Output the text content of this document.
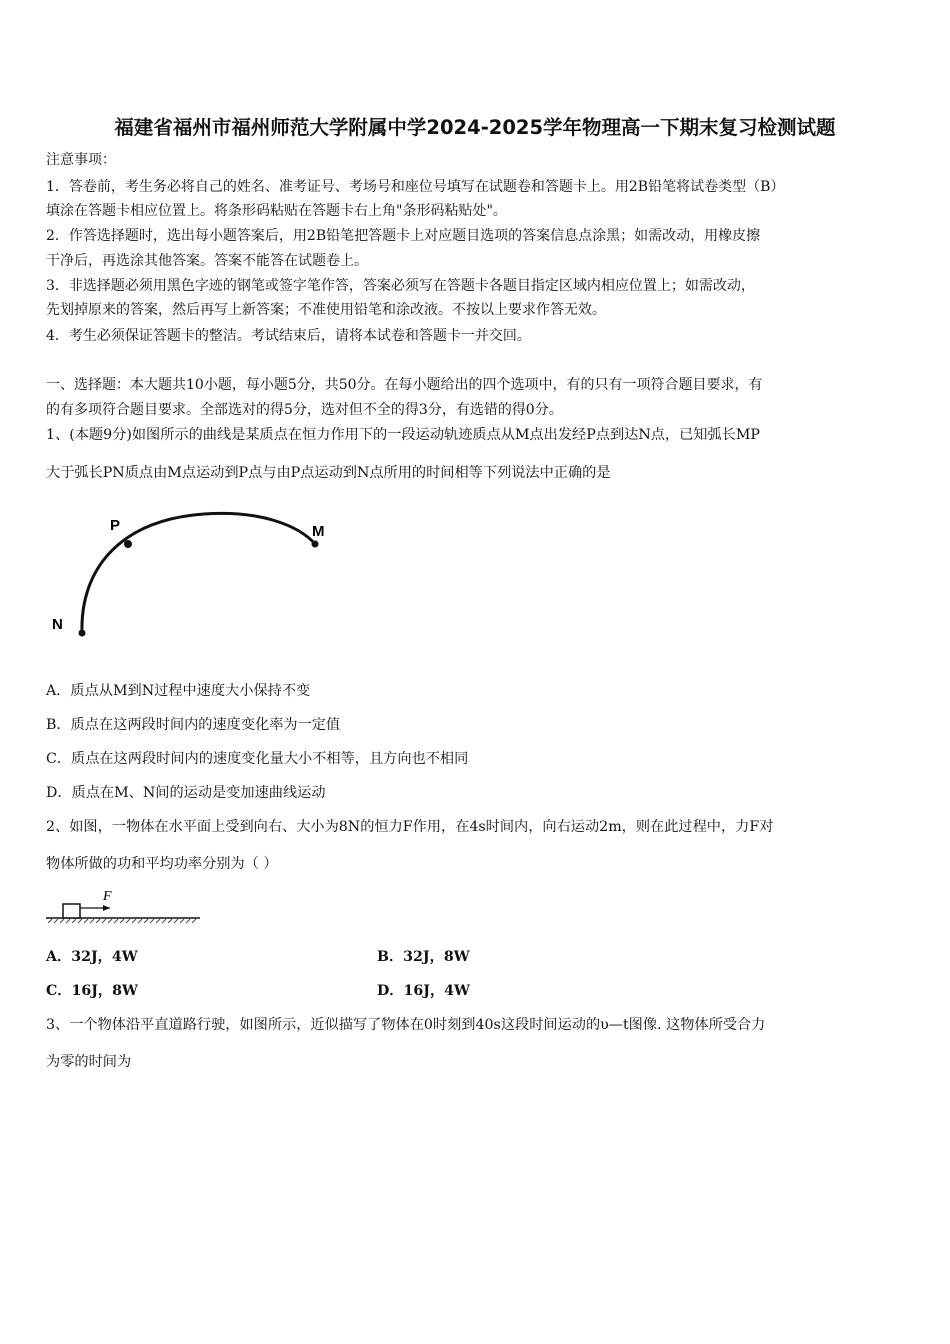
福建省福州市福州师范大学附属中学2024-2025学年物理高一下期末复习检测试题
注意事项：
1．答卷前，考生务必将自己的姓名、准考证号、考场号和座位号填写在试题卷和答题卡上。用2B铅笔将试卷类型（B）
填涂在答题卡相应位置上。将条形码粘贴在答题卡右上角"条形码粘贴处"。
2．作答选择题时，选出每小题答案后，用2B铅笔把答题卡上对应题目选项的答案信息点涂黑；如需改动，用橡皮擦
干净后，再选涂其他答案。答案不能答在试题卷上。
3．非选择题必须用黑色字迹的钢笔或签字笔作答，答案必须写在答题卡各题目指定区域内相应位置上；如需改动，
先划掉原来的答案，然后再写上新答案；不准使用铅笔和涂改液。不按以上要求作答无效。
4．考生必须保证答题卡的整洁。考试结束后，请将本试卷和答题卡一并交回。
一、选择题：本大题共10小题，每小题5分，共50分。在每小题给出的四个选项中，有的只有一项符合题目要求，有
的有多项符合题目要求。全部选对的得5分，选对但不全的得3分，有选错的得0分。
1、(本题9分)如图所示的曲线是某质点在恒力作用下的一段运动轨迹质点从M点出发经P点到达N点，已知弧长MP
大于弧长PN质点由M点运动到P点与由P点运动到N点所用的时间相等下列说法中正确的是
P	M
N
A．质点从M到N过程中速度大小保持不变
B．质点在这两段时间内的速度变化率为一定值
C．质点在这两段时间内的速度变化量大小不相等，且方向也不相同
D．质点在M、N间的运动是变加速曲线运动
2、如图，一物体在水平面上受到向右、大小为8N的恒力F作用，在4s时间内，向右运动2m，则在此过程中，力F对
物体所做的功和平均功率分别为（ ）
F
A．32J，4W	B．32J，8W
C．16J，8W	D．16J，4W
3、一个物体沿平直道路行驶，如图所示，近似描写了物体在0时刻到40s这段时间运动的υ—t图像. 这物体所受合力
为零的时间为
